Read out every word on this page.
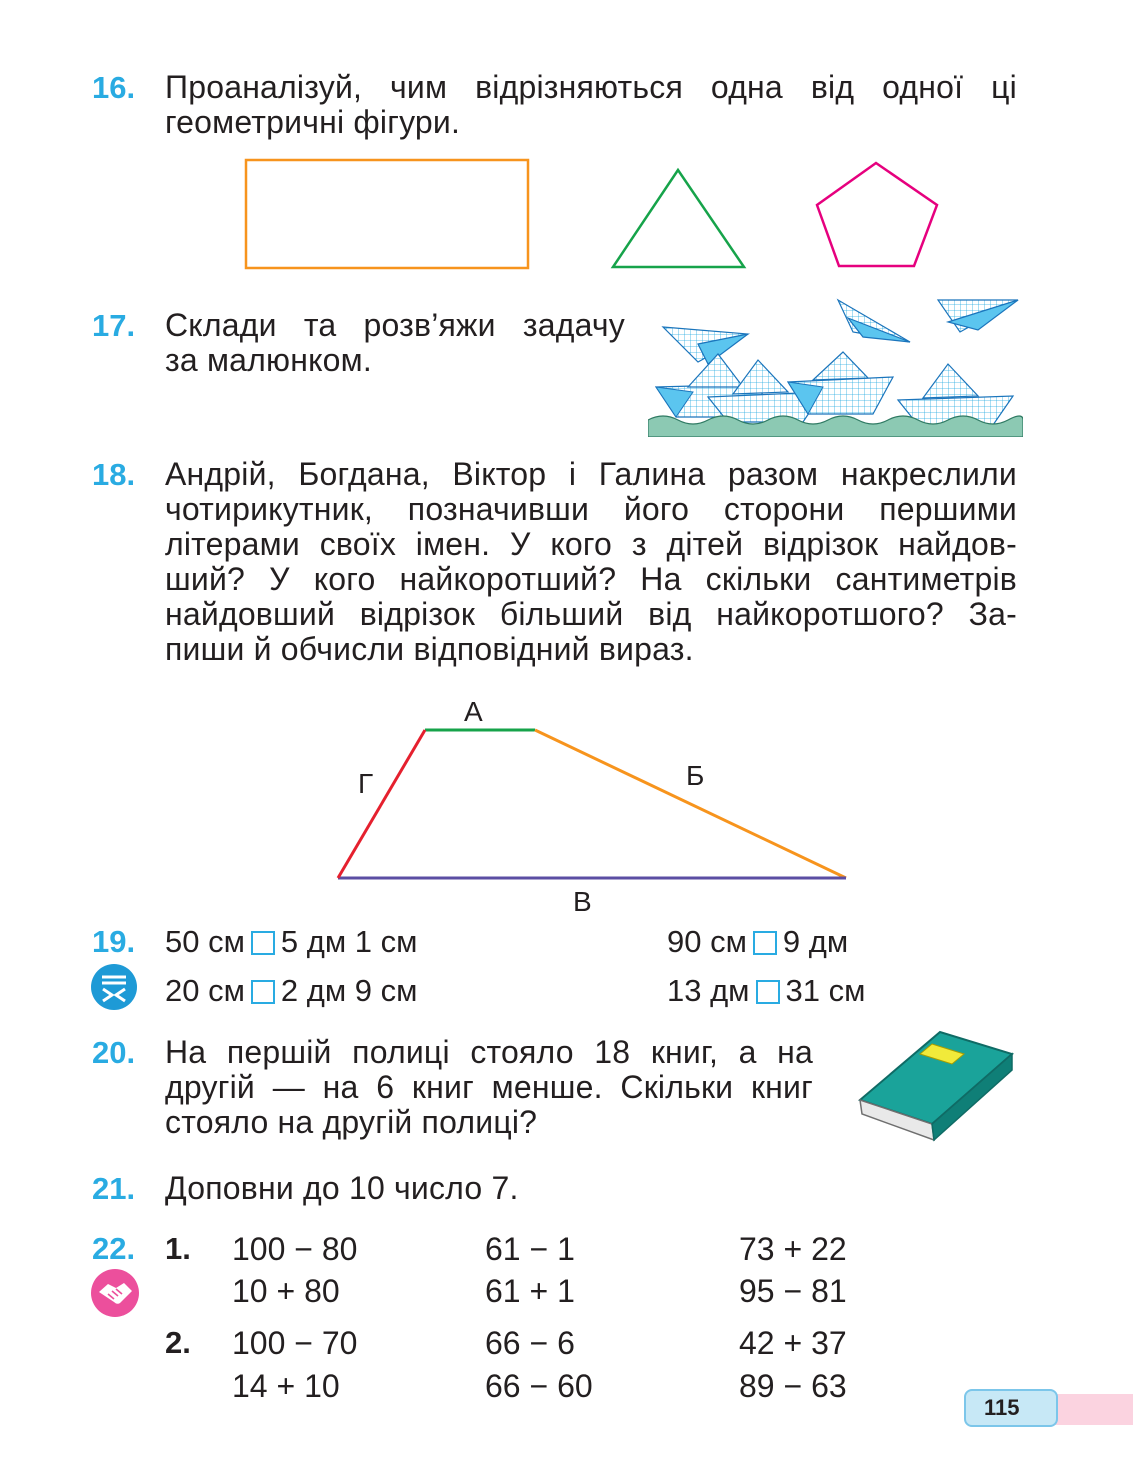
16. Проаналізуй, чим відрізняються одна від одної ці
геометричні фігури.
17. Склади та розв’яжи задачу
за малюнком.
18. Андрій, Богдана, Віктор і Галина разом накреслили
чотирикутник, позначивши його сторони першими
літерами своїх імен. У кого з дітей відрізок найдов-
ший? У кого найкоротший? На скільки сантиметрів
найдовший відрізок більший від найкоротшого? За-
пиши й обчисли відповідний вираз.
А
Б
Г
В
19. 50 см 5 дм 1 см
20 см 2 дм 9 см
90 см 9 дм
13 дм 31 см
20. На першій полиці стояло 18 книг, а на
другій — на 6 книг менше. Скільки книг
стояло на другій полиці?
21. Доповни до 10 число 7.
22. 1.
2.
100 − 80
10 + 80
61 − 1
61 + 1
73 + 22
95 − 81
100 − 70
14 + 10
66 − 6
66 − 60
42 + 37
89 − 63
115
